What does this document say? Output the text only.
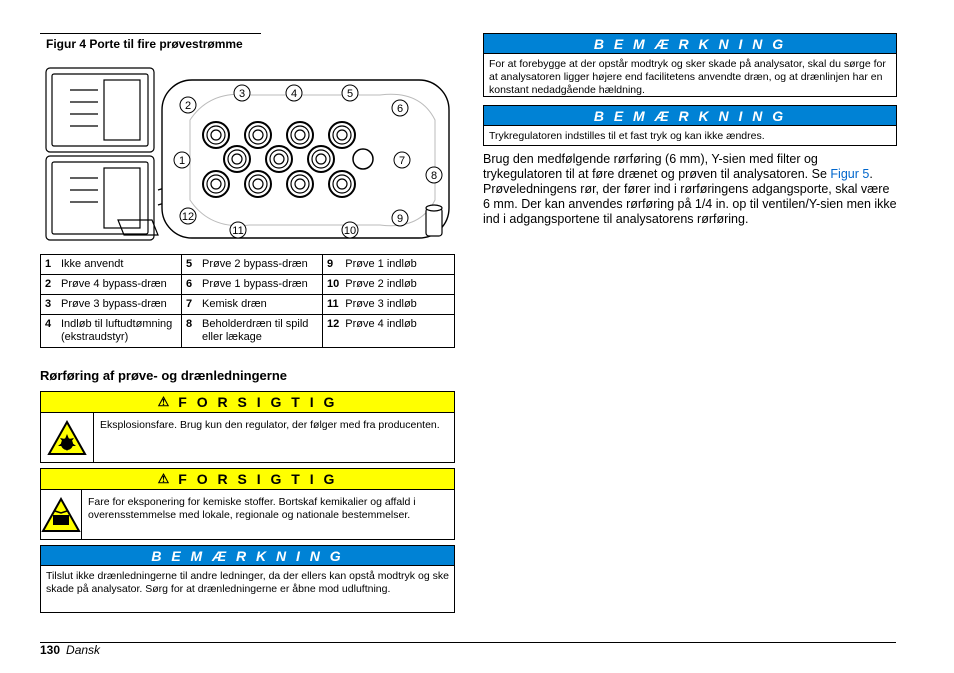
Figur 4 Porte til fire prøvestrømme
1
2
3	4	5
6
7
8
9
10
11
12
1	Ikke anvendt	5	Prøve 2 bypass-dræn	9	Prøve 1 indløb
2	Prøve 4 bypass-dræn	6	Prøve 1 bypass-dræn	10	Prøve 2 indløb
3	Prøve 3 bypass-dræn	7	Kemisk dræn	11	Prøve 3 indløb
4	Indløb til luftudtømning (ekstraudstyr)	8	Beholderdræn til spild eller lækage	12	Prøve 4 indløb
Rørføring af prøve- og drænledningerne
⚠ F O R S I G T I G
Eksplosionsfare. Brug kun den regulator, der følger med fra producenten.
⚠ F O R S I G T I G
Fare for eksponering for kemiske stoffer. Bortskaf kemikalier og affald i overensstemmelse med lokale, regionale og nationale bestemmelser.
B E M Æ R K N I N G
Tilslut ikke drænledningerne til andre ledninger, da der ellers kan opstå modtryk og ske skade på analysator. Sørg for at drænledningerne er åbne mod udluftning.
B E M Æ R K N I N G
For at forebygge at der opstår modtryk og sker skade på analysator, skal du sørge for at analysatoren ligger højere end facilitetens anvendte dræn, og at drænlinjen har en konstant nedadgående hældning.
B E M Æ R K N I N G
Trykregulatoren indstilles til et fast tryk og kan ikke ændres.
Brug den medfølgende rørføring (6 mm), Y-sien med filter og trykegulatoren til at føre drænet og prøven til analysatoren. Se Figur 5. Prøveledningens rør, der fører ind i rørføringens adgangsporte, skal være 6 mm. Der kan anvendes rørføring på 1/4 in. op til ventilen/Y-sien men ikke ind i adgangsportene til analysatorens rørføring.
130 Dansk
